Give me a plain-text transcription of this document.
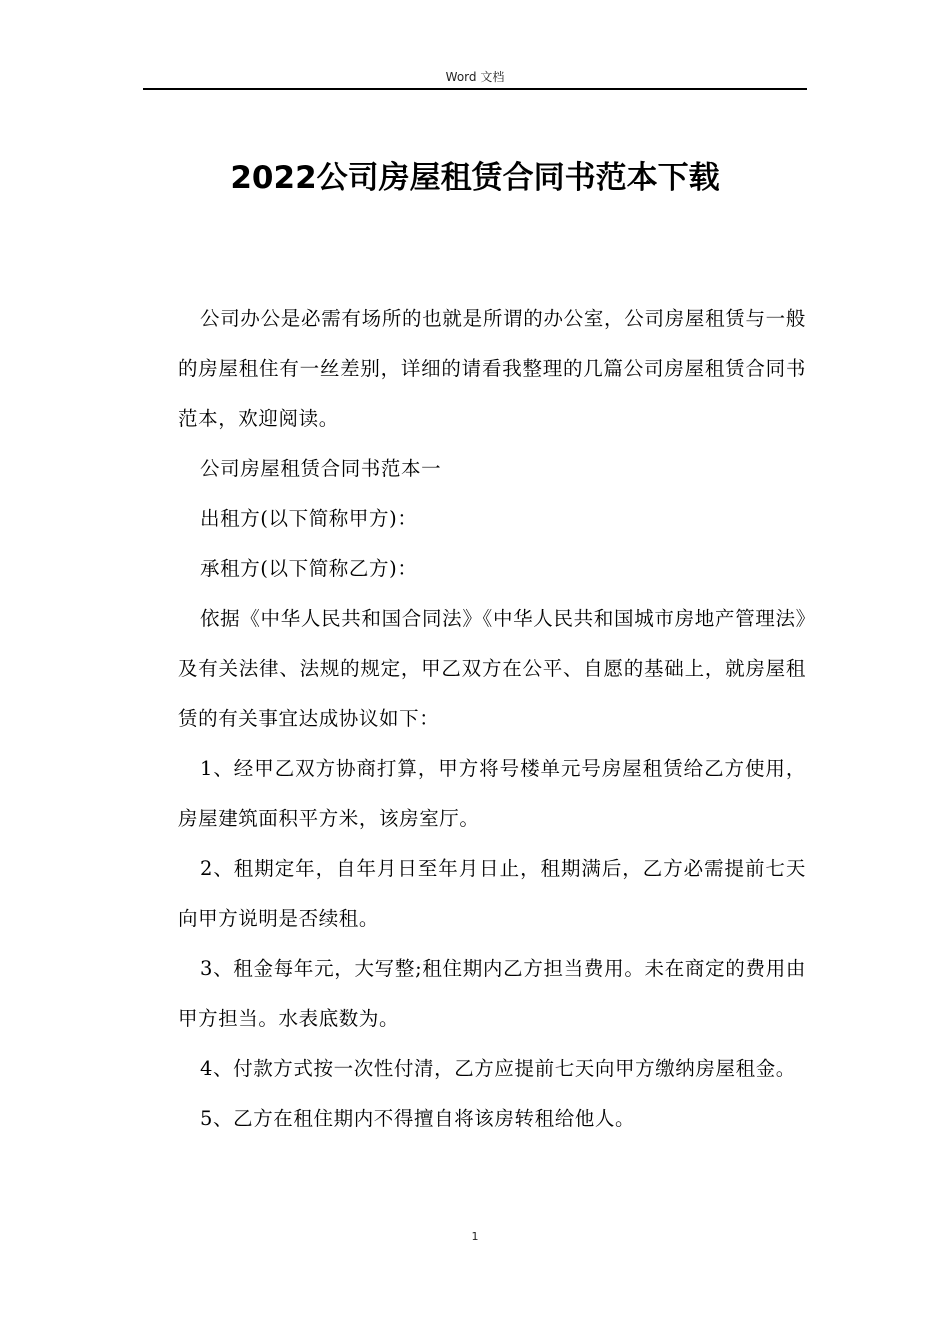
Word 文档
2022公司房屋租赁合同书范本下载

公司办公是必需有场所的也就是所谓的办公室，公司房屋租赁与一般的房屋租住有一丝差别，详细的请看我整理的几篇公司房屋租赁合同书范本，欢迎阅读。

公司房屋租赁合同书范本一

出租方(以下简称甲方)：

承租方(以下简称乙方)：

依据《中华人民共和国合同法》《中华人民共和国城市房地产管理法》及有关法律、法规的规定，甲乙双方在公平、自愿的基础上，就房屋租赁的有关事宜达成协议如下：

1、经甲乙双方协商打算，甲方将号楼单元号房屋租赁给乙方使用，房屋建筑面积平方米，该房室厅。

2、租期定年，自年月日至年月日止，租期满后，乙方必需提前七天向甲方说明是否续租。

3、租金每年元，大写整;租住期内乙方担当费用。未在商定的费用由甲方担当。水表底数为。

4、付款方式按一次性付清，乙方应提前七天向甲方缴纳房屋租金。

5、乙方在租住期内不得擅自将该房转租给他人。

1
